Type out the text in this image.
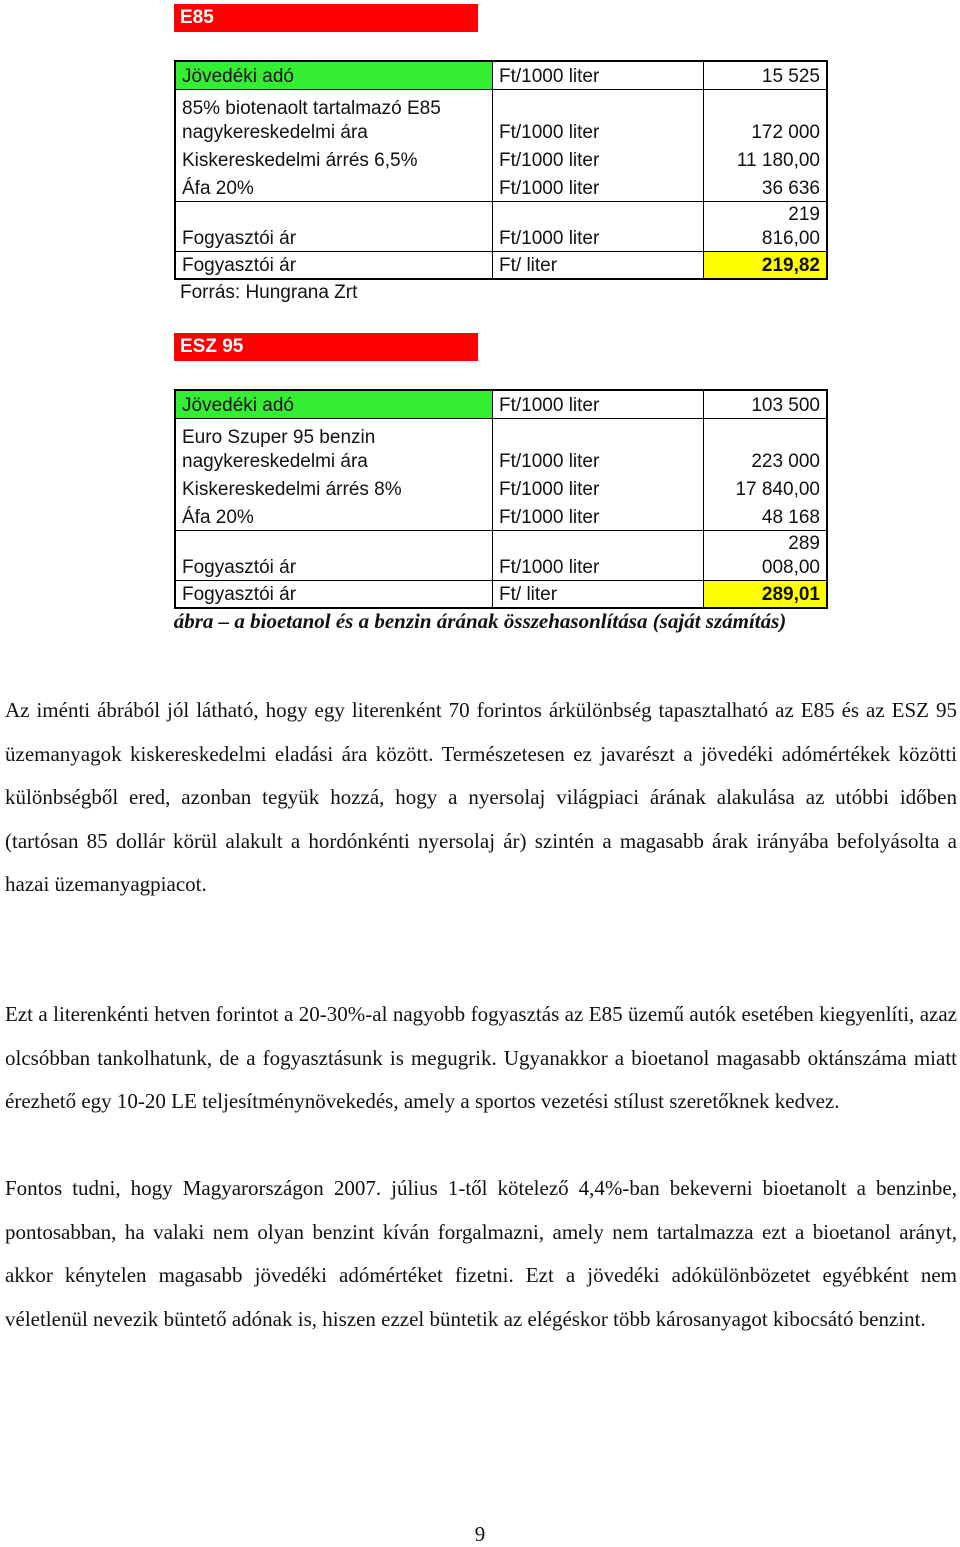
E85
Jövedéki adó	Ft/1000 liter	15 525
85% biotenaolt tartalmazó E85
nagykereskedelmi ára	Ft/1000 liter	172 000
Kiskereskedelmi árrés 6,5%	Ft/1000 liter	11 180,00
Áfa 20%	Ft/1000 liter	36 636
Fogyasztói ár	Ft/1000 liter	219
816,00
Fogyasztói ár	Ft/ liter	219,82
Forrás: Hungrana Zrt
ESZ 95
Jövedéki adó	Ft/1000 liter	103 500
Euro Szuper 95 benzin
nagykereskedelmi ára	Ft/1000 liter	223 000
Kiskereskedelmi árrés 8%	Ft/1000 liter	17 840,00
Áfa 20%	Ft/1000 liter	48 168
Fogyasztói ár	Ft/1000 liter	289
008,00
Fogyasztói ár	Ft/ liter	289,01
ábra – a bioetanol és a benzin árának összehasonlítása (saját számítás)

Az iménti ábrából jól látható, hogy egy literenként 70 forintos árkülönbség tapasztalható az E85 és az ESZ 95 üzemanyagok kiskereskedelmi eladási ára között. Természetesen ez javarészt a jövedéki adómértékek közötti különbségből ered, azonban tegyük hozzá, hogy a nyersolaj világpiaci árának alakulása az utóbbi időben (tartósan 85 dollár körül alakult a hordónkénti nyersolaj ár) szintén a magasabb árak irányába befolyásolta a hazai üzemanyagpiacot.

Ezt a literenkénti hetven forintot a 20-30%-al nagyobb fogyasztás az E85 üzemű autók esetében kiegyenlíti, azaz olcsóbban tankolhatunk, de a fogyasztásunk is megugrik. Ugyanakkor a bioetanol magasabb oktánszáma miatt érezhető egy 10-20 LE teljesítménynövekedés, amely a sportos vezetési stílust szeretőknek kedvez.

Fontos tudni, hogy Magyarországon 2007. július 1-től kötelező 4,4%-ban bekeverni bioetanolt a benzinbe, pontosabban, ha valaki nem olyan benzint kíván forgalmazni, amely nem tartalmazza ezt a bioetanol arányt, akkor kénytelen magasabb jövedéki adómértéket fizetni. Ezt a jövedéki adókülönbözetet egyébként nem véletlenül nevezik büntető adónak is, hiszen ezzel büntetik az elégéskor több károsanyagot kibocsátó benzint.

9
